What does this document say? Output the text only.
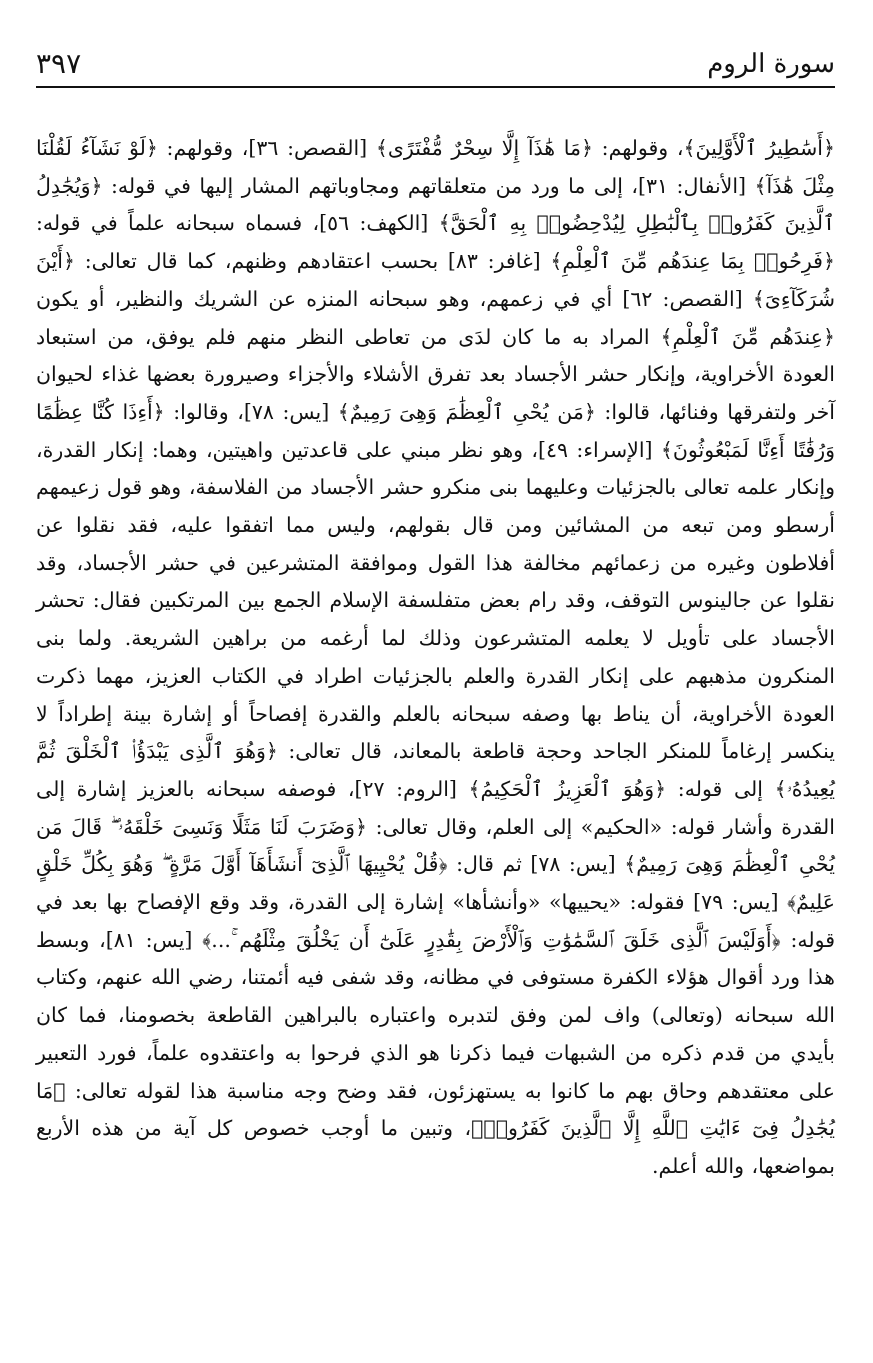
سورة الروم
٣٩٧

﴿أَسَٰطِيرُ ٱلْأَوَّلِينَ﴾، وقولهم: ﴿مَا هَٰذَآ إِلَّا سِحْرٌ مُّفْتَرًى﴾ [القصص: ٣٦]، وقولهم: ﴿لَوْ نَشَآءُ لَقُلْنَا مِثْلَ هَٰذَآ﴾ [الأنفال: ٣١]، إلى ما ورد من متعلقاتهم ومجاوباتهم المشار إليها في قوله: ﴿وَيُجَٰدِلُ ٱلَّذِينَ كَفَرُوا۟ بِٱلْبَٰطِلِ لِيُدْحِضُوا۟ بِهِ ٱلْحَقَّ﴾ [الكهف: ٥٦]، فسماه سبحانه علماً في قوله: ﴿فَرِحُوا۟ بِمَا عِندَهُم مِّنَ ٱلْعِلْمِ﴾ [غافر: ٨٣] بحسب اعتقادهم وظنهم، كما قال تعالى: ﴿أَيْنَ شُرَكَآءِىَ﴾ [القصص: ٦٢] أي في زعمهم، وهو سبحانه المنزه عن الشريك والنظير، أو يكون ﴿عِندَهُم مِّنَ ٱلْعِلْمِ﴾ المراد به ما كان لدَى من تعاطى النظر منهم فلم يوفق، من استبعاد العودة الأخراوية، وإنكار حشر الأجساد بعد تفرق الأشلاء والأجزاء وصيرورة بعضها غذاء لحيوان آخر ولتفرقها وفنائها، قالوا: ﴿مَن يُحْىِ ٱلْعِظَٰمَ وَهِىَ رَمِيمٌ﴾ [يس: ٧٨]، وقالوا: ﴿أَءِذَا كُنَّا عِظَٰمًا وَرُفَٰتًا أَءِنَّا لَمَبْعُوثُونَ﴾ [الإسراء: ٤٩]، وهو نظر مبني على قاعدتين واهيتين، وهما: إنكار القدرة، وإنكار علمه تعالى بالجزئيات وعليهما بنى منكرو حشر الأجساد من الفلاسفة، وهو قول زعيمهم أرسطو ومن تبعه من المشائين ومن قال بقولهم، وليس مما اتفقوا عليه، فقد نقلوا عن أفلاطون وغيره من زعمائهم مخالفة هذا القول وموافقة المتشرعين في حشر الأجساد، وقد نقلوا عن جالينوس التوقف، وقد رام بعض متفلسفة الإسلام الجمع بين المرتكبين فقال: تحشر الأجساد على تأويل لا يعلمه المتشرعون وذلك لما أرغمه من براهين الشريعة. ولما بنى المنكرون مذهبهم على إنكار القدرة والعلم بالجزئيات اطراد في الكتاب العزيز، مهما ذكرت العودة الأخراوية، أن يناط بها وصفه سبحانه بالعلم والقدرة إفصاحاً أو إشارة بينة إطراداً لا ينكسر إرغاماً للمنكر الجاحد وحجة قاطعة بالمعاند، قال تعالى: ﴿وَهُوَ ٱلَّذِى يَبْدَؤُا۟ ٱلْخَلْقَ ثُمَّ يُعِيدُهُۥ﴾ إلى قوله: ﴿وَهُوَ ٱلْعَزِيزُ ٱلْحَكِيمُ﴾ [الروم: ٢٧]، فوصفه سبحانه بالعزيز إشارة إلى القدرة وأشار قوله: «الحكيم» إلى العلم، وقال تعالى: ﴿وَضَرَبَ لَنَا مَثَلًا وَنَسِىَ خَلْقَهُۥ ۖ قَالَ مَن يُحْىِ ٱلْعِظَٰمَ وَهِىَ رَمِيمٌ﴾ [يس: ٧٨] ثم قال: ﴿قُلْ يُحْيِيهَا ٱلَّذِىٓ أَنشَأَهَآ أَوَّلَ مَرَّةٍ ۖ وَهُوَ بِكُلِّ خَلْقٍ عَلِيمٌ﴾ [يس: ٧٩] فقوله: «يحييها» «وأنشأها» إشارة إلى القدرة، وقد وقع الإفصاح بها بعد في قوله: ﴿أَوَلَيْسَ ٱلَّذِى خَلَقَ ٱلسَّمَٰوَٰتِ وَٱلْأَرْضَ بِقَٰدِرٍ عَلَىٰٓ أَن يَخْلُقَ مِثْلَهُم ۚ...﴾ [يس: ٨١]، وبسط هذا ورد أقوال هؤلاء الكفرة مستوفى في مظانه، وقد شفى فيه أئمتنا، رضي الله عنهم، وكتاب الله سبحانه (وتعالى) واف لمن وفق لتدبره واعتباره بالبراهين القاطعة بخصومنا، فما كان بأيدي من قدم ذكره من الشبهات فيما ذكرنا هو الذي فرحوا به واعتقدوه علماً، فورد التعبير على معتقدهم وحاق بهم ما كانوا به يستهزئون، فقد وضح وجه مناسبة هذا لقوله تعالى: ﴿مَا يُجَٰدِلُ فِىٓ ءَايَٰتِ ٱللَّهِ إِلَّا ٱلَّذِينَ كَفَرُوا۟﴾، وتبين ما أوجب خصوص كل آية من هذه الأربع بمواضعها، والله أعلم.
